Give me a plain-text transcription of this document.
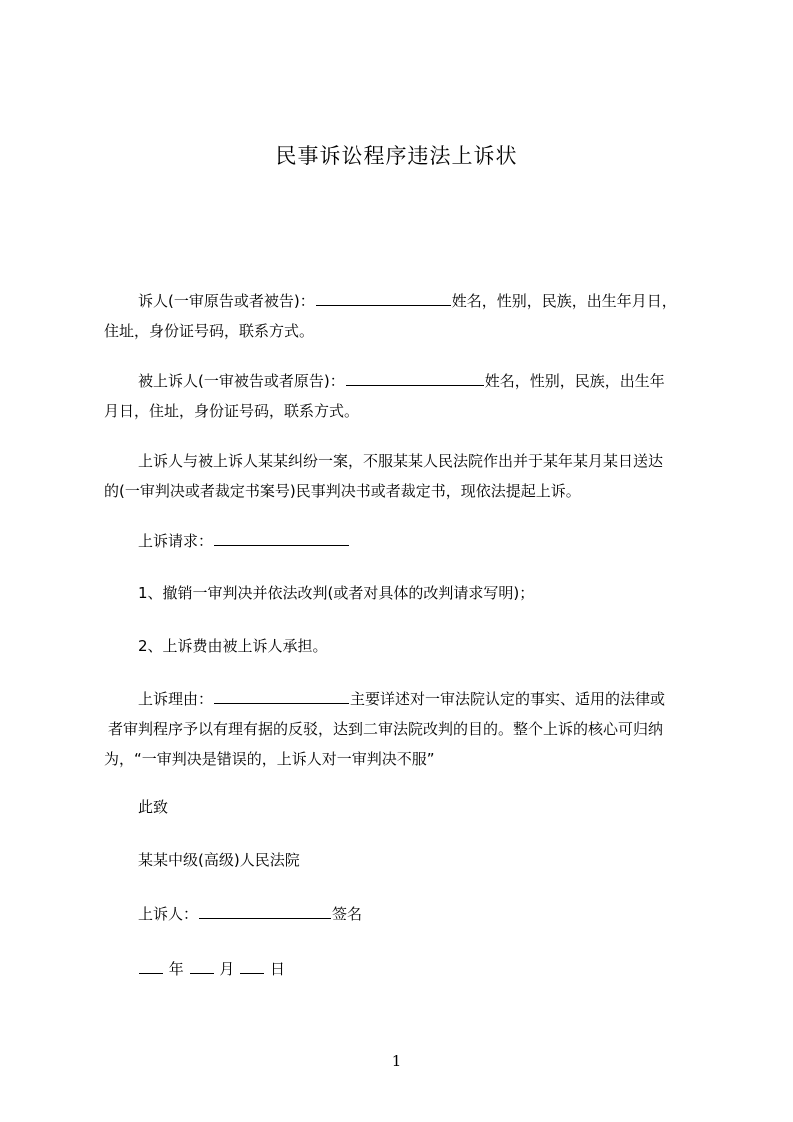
民事诉讼程序违法上诉状
诉人(一审原告或者被告)：	姓名，性别，民族，出生年月日，
住址，身份证号码，联系方式。
被上诉人(一审被告或者原告)：	姓名，性别，民族，出生年
月日，住址，身份证号码，联系方式。
上诉人与被上诉人某某纠纷一案，不服某某人民法院作出并于某年某月某日送达
的(一审判决或者裁定书案号)民事判决书或者裁定书，现依法提起上诉。
上诉请求：
1、撤销一审判决并依法改判(或者对具体的改判请求写明)；
2、上诉费由被上诉人承担。
上诉理由：	主要详述对一审法院认定的事实、适用的法律或
者审判程序予以有理有据的反驳，达到二审法院改判的目的。整个上诉的核心可归纳
为，“一审判决是错误的，上诉人对一审判决不服”
此致
某某中级(高级)人民法院
上诉人：	签名
年 月 日
1
